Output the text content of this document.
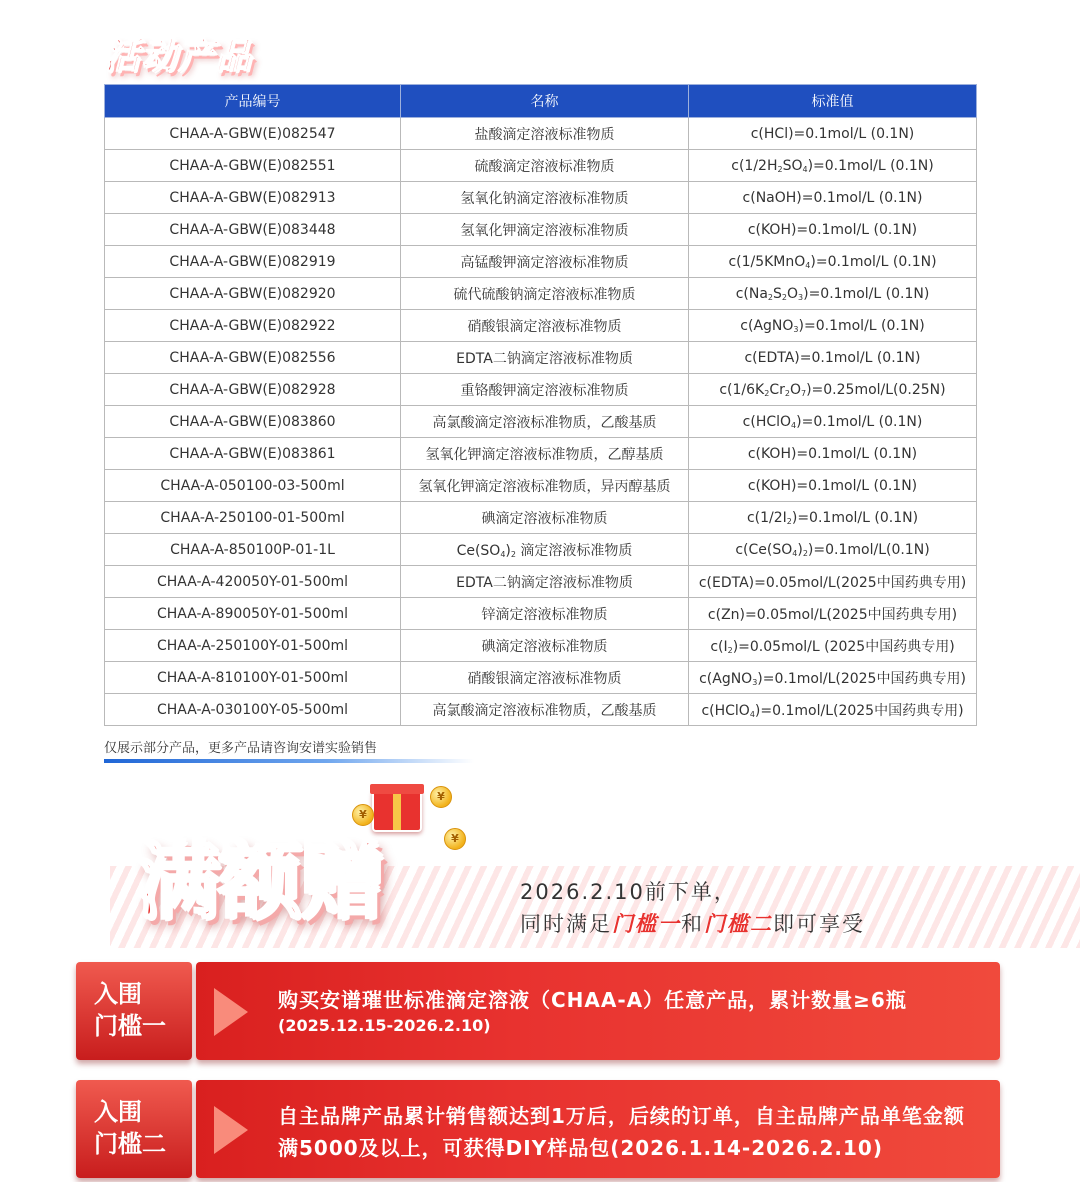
活动产品
产品编号	名称	标准值
CHAA-A-GBW(E)082547	盐酸滴定溶液标准物质	c(HCl)=0.1mol/L (0.1N)
CHAA-A-GBW(E)082551	硫酸滴定溶液标准物质	$c(1/2H_2SO_4)=0.1mol/L$ (0.1N)
CHAA-A-GBW(E)082913	氢氧化钠滴定溶液标准物质	c(NaOH)=0.1mol/L (0.1N)
CHAA-A-GBW(E)083448	氢氧化钾滴定溶液标准物质	c(KOH)=0.1mol/L (0.1N)
CHAA-A-GBW(E)082919	高锰酸钾滴定溶液标准物质	c(1/5KMnO$_4$)=0.1mol/L (0.1N)
CHAA-A-GBW(E)082920	硫代硫酸钠滴定溶液标准物质	$c(Na_2S_2O_3)=0.1mol/L$ (0.1N)
CHAA-A-GBW(E)082922	硝酸银滴定溶液标准物质	c(AgNO$_3$)=0.1mol/L (0.1N)
CHAA-A-GBW(E)082556	EDTA二钠滴定溶液标准物质	c(EDTA)=0.1mol/L (0.1N)
CHAA-A-GBW(E)082928	重铬酸钾滴定溶液标准物质	$c(1/6K_2Cr_2O_7)=0.25mol/L(0.25N)$
CHAA-A-GBW(E)083860	高氯酸滴定溶液标准物质，乙酸基质	c(HClO$_4$)=0.1mol/L (0.1N)
CHAA-A-GBW(E)083861	氢氧化钾滴定溶液标准物质，乙醇基质	c(KOH)=0.1mol/L (0.1N)
CHAA-A-050100-03-500ml	氢氧化钾滴定溶液标准物质，异丙醇基质	c(KOH)=0.1mol/L (0.1N)
CHAA-A-250100-01-500ml	碘滴定溶液标准物质	$c(1/2I_2)=0.1mol/L$ (0.1N)
CHAA-A-850100P-01-1L	$Ce(SO_4)_2$ 滴定溶液标准物质	$c(Ce(SO_4)_2)=0.1mol/L(0.1N)$
CHAA-A-420050Y-01-500ml	EDTA二钠滴定溶液标准物质	c(EDTA)=0.05mol/L(2025中国药典专用)
CHAA-A-890050Y-01-500ml	锌滴定溶液标准物质	c(Zn)=0.05mol/L(2025中国药典专用)
CHAA-A-250100Y-01-500ml	碘滴定溶液标准物质	$c(I_2)=0.05mol/L$ (2025中国药典专用)
CHAA-A-810100Y-01-500ml	硝酸银滴定溶液标准物质	c(AgNO$_3$)=0.1mol/L(2025中国药典专用)
CHAA-A-030100Y-05-500ml	高氯酸滴定溶液标准物质，乙酸基质	c(HClO$_4$)=0.1mol/L(2025中国药典专用)
仅展示部分产品，更多产品请咨询安谱实验销售
¥
¥
¥
满额赠	2026.2.10前下单，
同时满足门槛一和门槛二即可享受
入围
门槛一
购买安谱璀世标准滴定溶液（CHAA-A）任意产品，累计数量≥6瓶
(2025.12.15-2026.2.10)
入围
门槛二
自主品牌产品累计销售额达到1万后，后续的订单，自主品牌产品单笔金额
满5000及以上，可获得DIY样品包(2026.1.14-2026.2.10)
